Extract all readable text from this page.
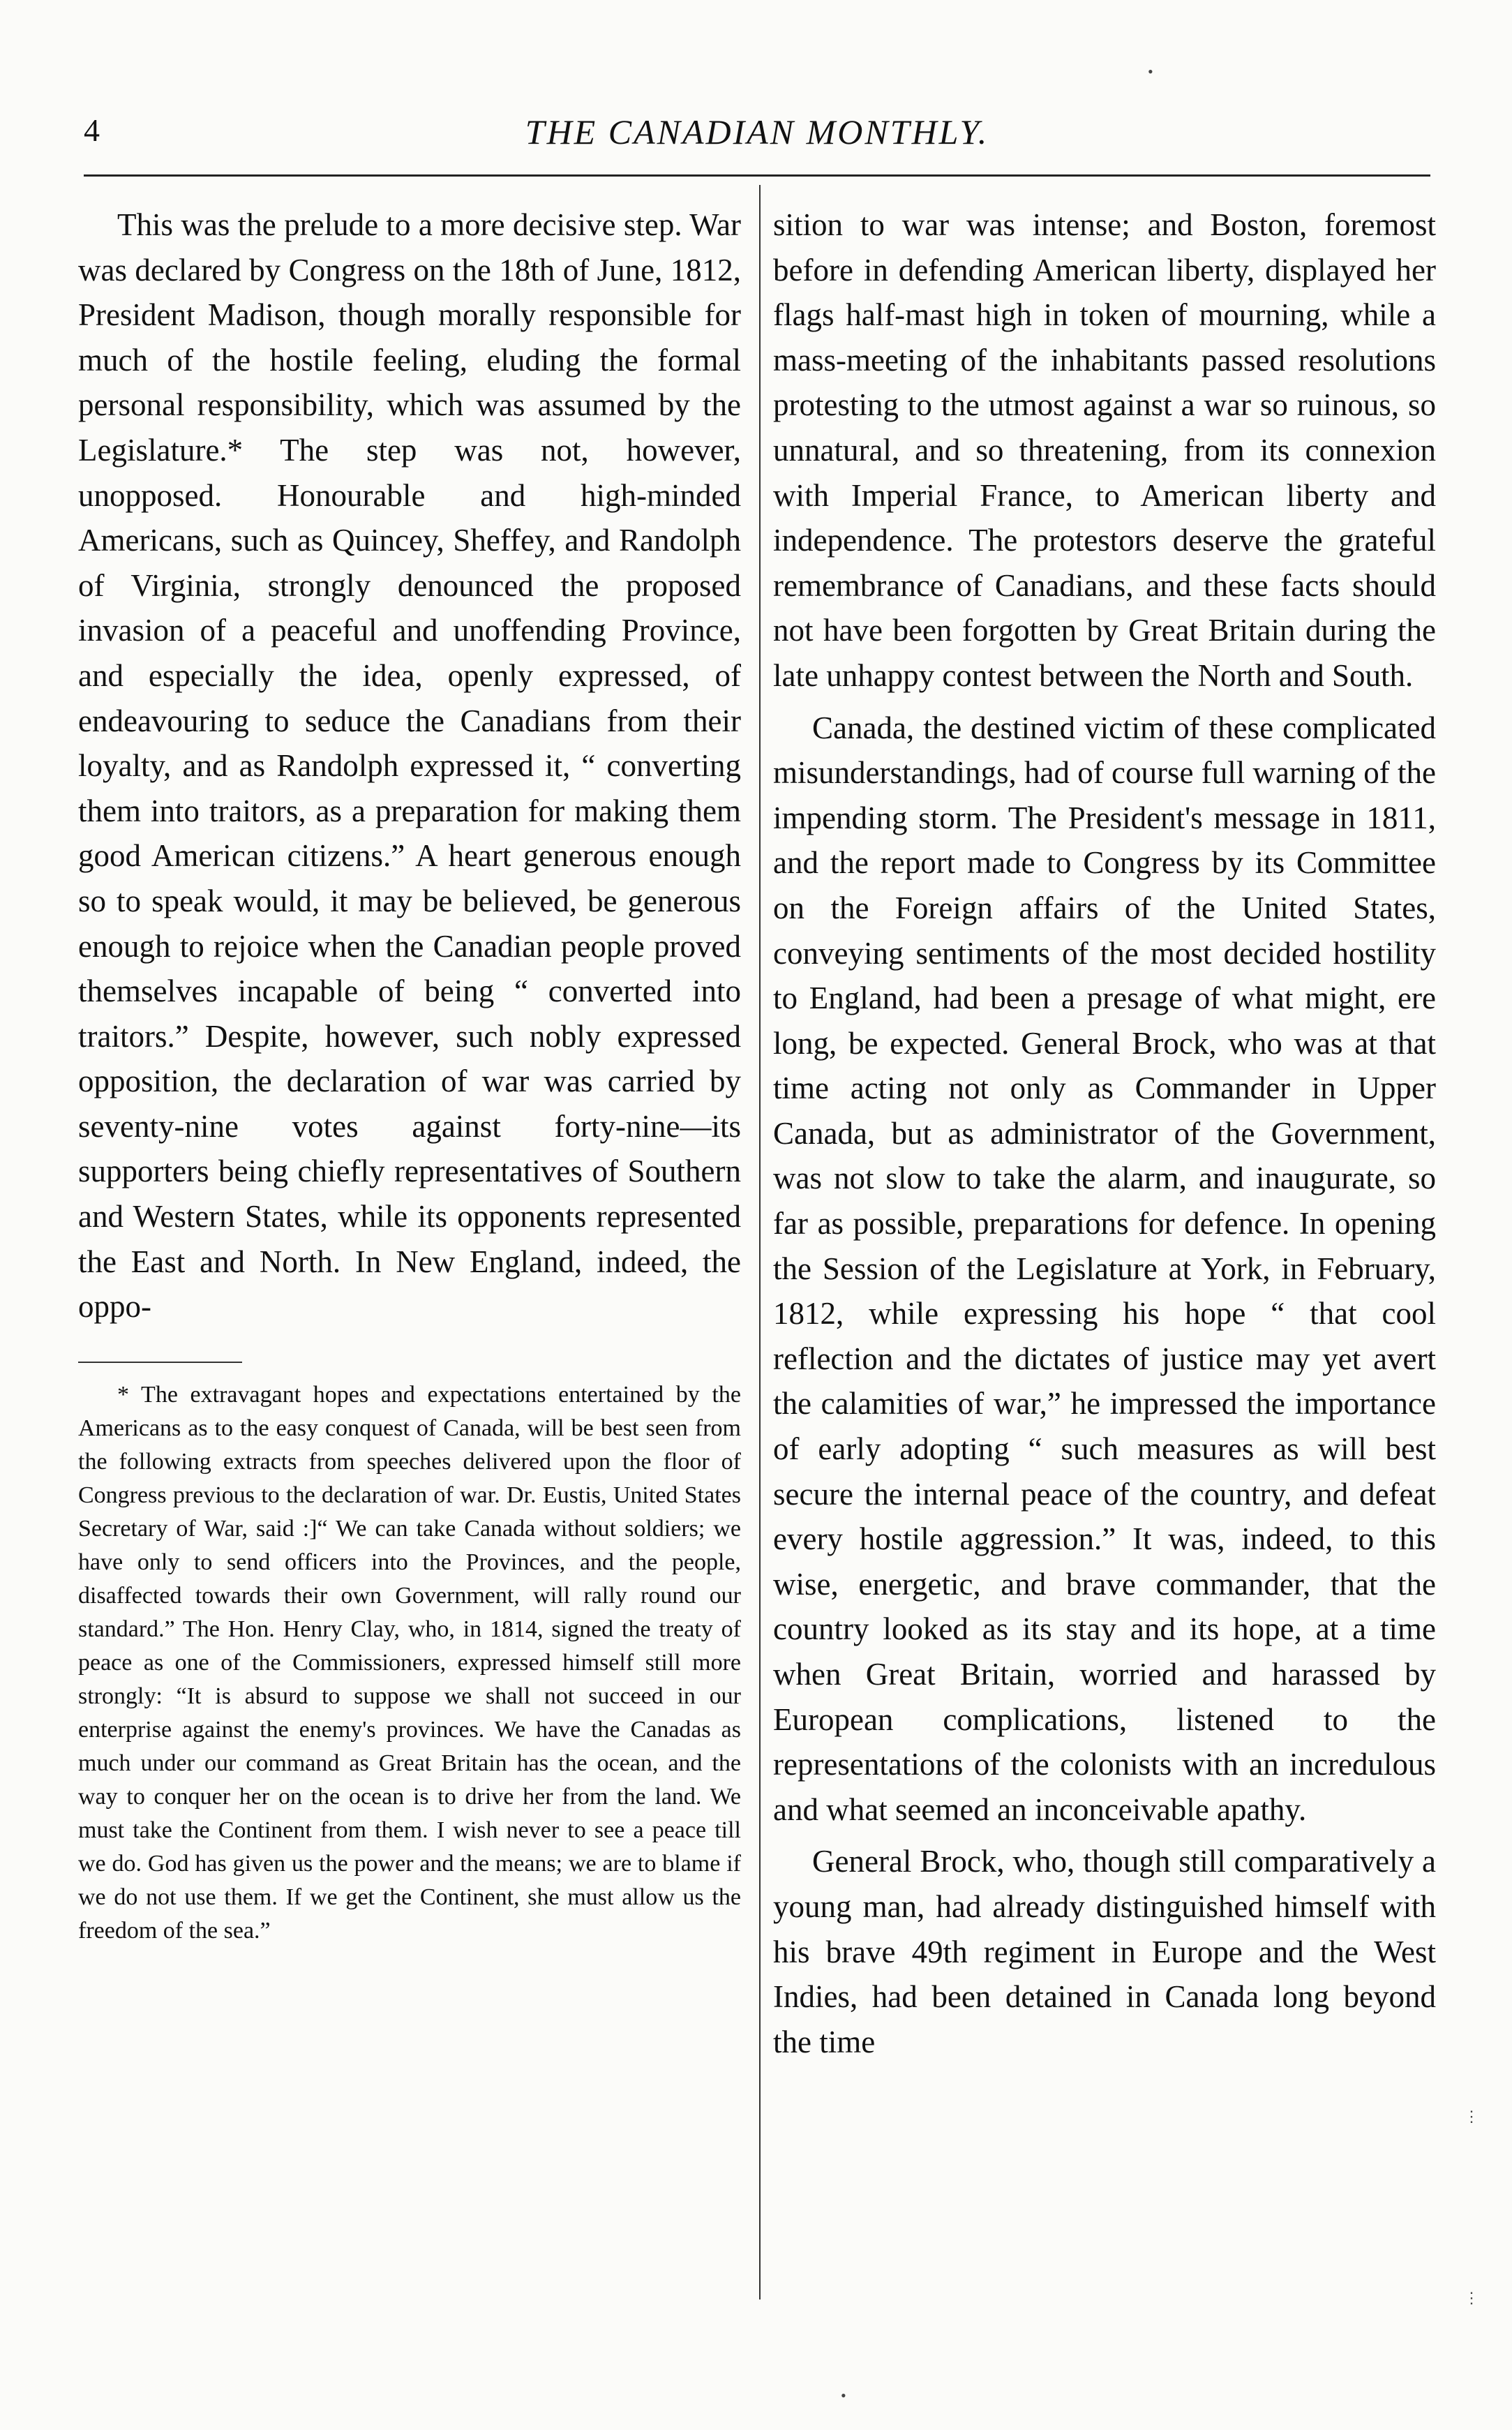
4	THE CANADIAN MONTHLY.

This was the prelude to a more decisive step. War was declared by Congress on the 18th of June, 1812, President Madison, though morally responsible for much of the hostile feeling, eluding the formal personal responsibility, which was assumed by the Legislature.* The step was not, however, unopposed. Honourable and high-minded Americans, such as Quincey, Sheffey, and Randolph of Virginia, strongly denounced the proposed invasion of a peaceful and unoffending Province, and especially the idea, openly expressed, of endeavouring to seduce the Canadians from their loyalty, and as Randolph expressed it, “ converting them into traitors, as a preparation for making them good American citizens.” A heart generous enough so to speak would, it may be believed, be generous enough to rejoice when the Canadian people proved themselves incapable of being “ converted into traitors.” Despite, however, such nobly expressed opposition, the declaration of war was carried by seventy-nine votes against forty-nine—its supporters being chiefly representatives of Southern and Western States, while its opponents represented the East and North. In New England, indeed, the oppo-

* The extravagant hopes and expectations entertained by the Americans as to the easy conquest of Canada, will be best seen from the following extracts from speeches delivered upon the floor of Congress previous to the declaration of war. Dr. Eustis, United States Secretary of War, said :]“ We can take Canada without soldiers; we have only to send officers into the Provinces, and the people, disaffected towards their own Government, will rally round our standard.” The Hon. Henry Clay, who, in 1814, signed the treaty of peace as one of the Commissioners, expressed himself still more strongly: “It is absurd to suppose we shall not succeed in our enterprise against the enemy's provinces. We have the Canadas as much under our command as Great Britain has the ocean, and the way to conquer her on the ocean is to drive her from the land. We must take the Continent from them. I wish never to see a peace till we do. God has given us the power and the means; we are to blame if we do not use them. If we get the Continent, she must allow us the freedom of the sea.”

sition to war was intense; and Boston, foremost before in defending American liberty, displayed her flags half-mast high in token of mourning, while a mass-meeting of the inhabitants passed resolutions protesting to the utmost against a war so ruinous, so unnatural, and so threatening, from its connexion with Imperial France, to American liberty and independence. The protestors deserve the grateful remembrance of Canadians, and these facts should not have been forgotten by Great Britain during the late unhappy contest between the North and South.

Canada, the destined victim of these complicated misunderstandings, had of course full warning of the impending storm. The President's message in 1811, and the report made to Congress by its Committee on the Foreign affairs of the United States, conveying sentiments of the most decided hostility to England, had been a presage of what might, ere long, be expected. General Brock, who was at that time acting not only as Commander in Upper Canada, but as administrator of the Government, was not slow to take the alarm, and inaugurate, so far as possible, preparations for defence. In opening the Session of the Legislature at York, in February, 1812, while expressing his hope “ that cool reflection and the dictates of justice may yet avert the calamities of war,” he impressed the importance of early adopting “ such measures as will best secure the internal peace of the country, and defeat every hostile aggression.” It was, indeed, to this wise, energetic, and brave commander, that the country looked as its stay and its hope, at a time when Great Britain, worried and harassed by European complications, listened to the representations of the colonists with an incredulous and what seemed an inconceivable apathy.

General Brock, who, though still comparatively a young man, had already distinguished himself with his brave 49th regiment in Europe and the West Indies, had been detained in Canada long beyond the time

•
⋮
⋮
•
